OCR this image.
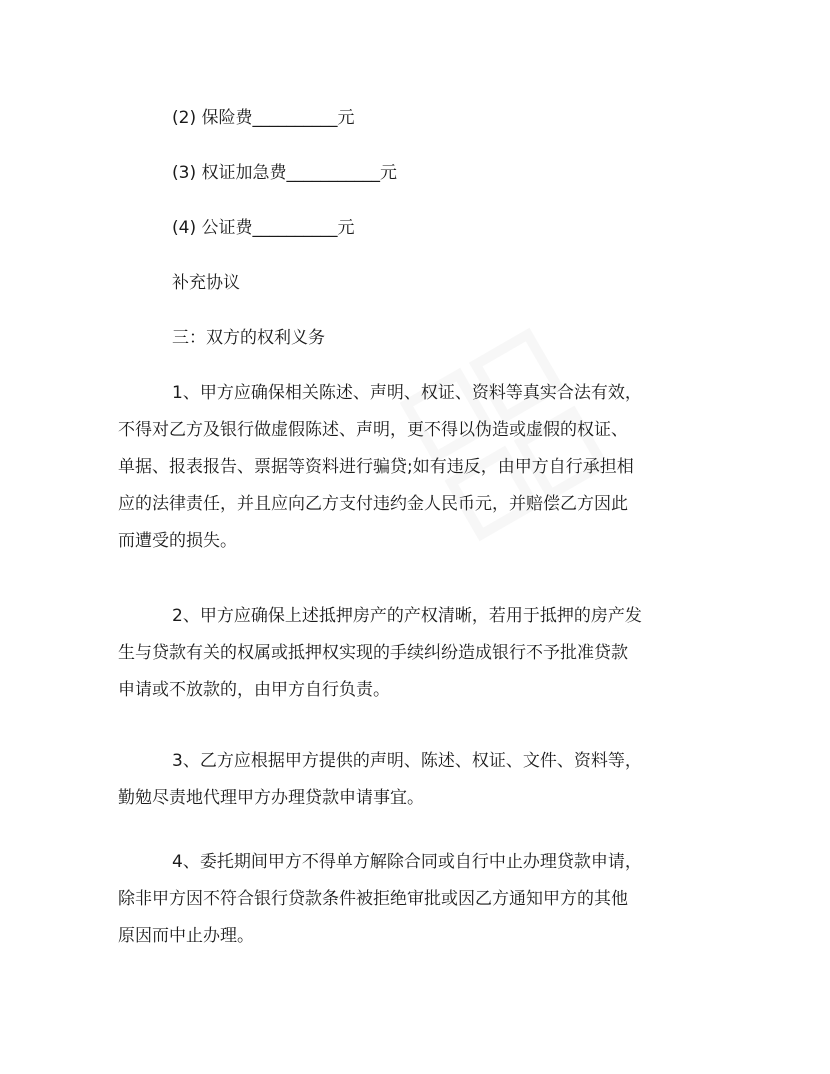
(2) 保险费__________元
(3) 权证加急费___________元
(4) 公证费__________元
补充协议
三：双方的权利义务
1、甲方应确保相关陈述、声明、权证、资料等真实合法有效，
不得对乙方及银行做虚假陈述、声明，更不得以伪造或虚假的权证、
单据、报表报告、票据等资料进行骗贷;如有违反，由甲方自行承担相
应的法律责任，并且应向乙方支付违约金人民币元，并赔偿乙方因此
而遭受的损失。
2、甲方应确保上述抵押房产的产权清晰，若用于抵押的房产发
生与贷款有关的权属或抵押权实现的手续纠纷造成银行不予批准贷款
申请或不放款的，由甲方自行负责。
3、乙方应根据甲方提供的声明、陈述、权证、文件、资料等，
勤勉尽责地代理甲方办理贷款申请事宜。
4、委托期间甲方不得单方解除合同或自行中止办理贷款申请，
除非甲方因不符合银行贷款条件被拒绝审批或因乙方通知甲方的其他
原因而中止办理。
